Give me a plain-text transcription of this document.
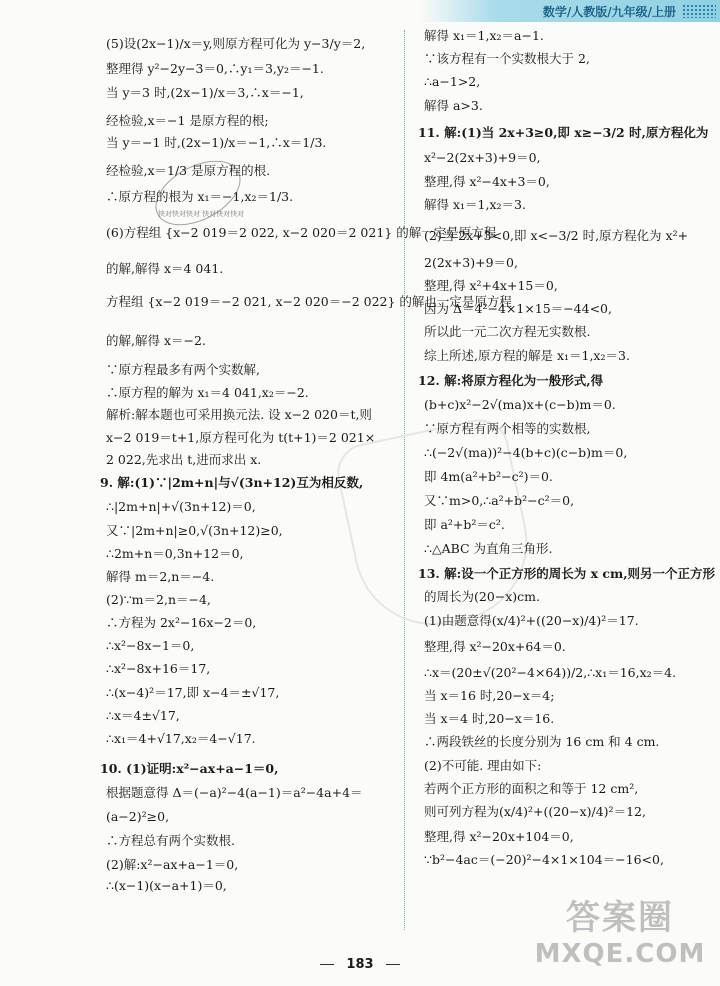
数学/人教版/九年级/上册
(5)设(2x−1)/x＝y,则原方程可化为 y−3/y＝2,
整理得 y²−2y−3＝0,∴y₁＝3,y₂＝−1.
当 y＝3 时,(2x−1)/x＝3,∴x＝−1,
经检验,x＝−1 是原方程的根;
当 y＝−1 时,(2x−1)/x＝−1,∴x＝1/3.
经检验,x＝1/3 是原方程的根.
∴原方程的根为 x₁＝−1,x₂＝1/3.
(6)方程组 {x−2 019＝2 022, x−2 020＝2 021} 的解一定是原方程
的解,解得 x＝4 041.
方程组 {x−2 019＝−2 021, x−2 020＝−2 022} 的解也一定是原方程
的解,解得 x＝−2.
∵原方程最多有两个实数解,
∴原方程的解为 x₁＝4 041,x₂＝−2.
解析:解本题也可采用换元法. 设 x−2 020＝t,则
x−2 019＝t+1,原方程可化为 t(t+1)＝2 021×
2 022,先求出 t,进而求出 x.
9. 解:(1)∵|2m+n|与√(3n+12)互为相反数,
∴|2m+n|+√(3n+12)＝0,
又∵|2m+n|≥0,√(3n+12)≥0,
∴2m+n＝0,3n+12＝0,
解得 m＝2,n＝−4.
(2)∵m＝2,n＝−4,
∴方程为 2x²−16x−2＝0,
∴x²−8x−1＝0,
∴x²−8x+16＝17,
∴(x−4)²＝17,即 x−4＝±√17,
∴x＝4±√17,
∴x₁＝4+√17,x₂＝4−√17.
10. (1)证明:x²−ax+a−1＝0,
根据题意得 Δ＝(−a)²−4(a−1)＝a²−4a+4＝
(a−2)²≥0,
∴方程总有两个实数根.
(2)解:x²−ax+a−1＝0,
∴(x−1)(x−a+1)＝0,
解得 x₁＝1,x₂＝a−1.
∵该方程有一个实数根大于 2,
∴a−1>2,
解得 a>3.
11. 解:(1)当 2x+3≥0,即 x≥−3/2 时,原方程化为
x²−2(2x+3)+9＝0,
整理,得 x²−4x+3＝0,
解得 x₁＝1,x₂＝3.
(2)当 2x+3<0,即 x<−3/2 时,原方程化为 x²+
2(2x+3)+9＝0,
整理,得 x²+4x+15＝0,
因为 Δ＝4²−4×1×15＝−44<0,
所以此一元二次方程无实数根.
综上所述,原方程的解是 x₁＝1,x₂＝3.
12. 解:将原方程化为一般形式,得
(b+c)x²−2√(ma)x+(c−b)m＝0.
∵原方程有两个相等的实数根,
∴(−2√(ma))²−4(b+c)(c−b)m＝0,
即 4m(a²+b²−c²)＝0.
又∵m>0,∴a²+b²−c²＝0,
即 a²+b²＝c².
∴△ABC 为直角三角形.
13. 解:设一个正方形的周长为 x cm,则另一个正方形
的周长为(20−x)cm.
(1)由题意得(x/4)²+((20−x)/4)²＝17.
整理,得 x²−20x+64＝0.
∴x＝(20±√(20²−4×64))/2,∴x₁＝16,x₂＝4.
当 x＝16 时,20−x＝4;
当 x＝4 时,20−x＝16.
∴两段铁丝的长度分别为 16 cm 和 4 cm.
(2)不可能. 理由如下:
若两个正方形的面积之和等于 12 cm²,
则可列方程为(x/4)²+((20−x)/4)²＝12,
整理,得 x²−20x+104＝0,
∵b²−4ac＝(−20)²−4×1×104＝−16<0,
快对快对快对 快对快对快对
答案圈
MXQE.COM
183
